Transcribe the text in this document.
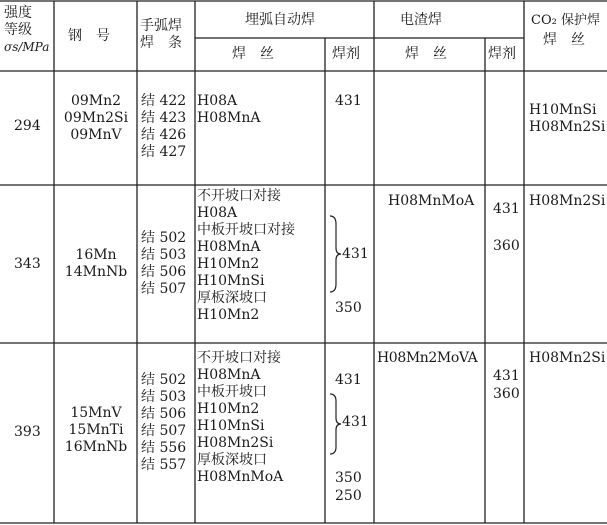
强度
等级
σs/MPa
钢　号
手弧焊
焊　条
埋弧自动焊
焊　丝	焊剂
电渣焊
焊　丝	焊剂
CO₂ 保护焊
焊　丝
294
09Mn2
09Mn2Si
09MnV
结 422
结 423
结 426
结 427
H08A
H08MnA
431
H10MnSi
H08Mn2Si
343
16Mn
14MnNb
结 502
结 503
结 506
结 507
不开坡口对接
H08A
中板开坡口对接
H08MnA
H10Mn2
H10MnSi
厚板深坡口
H10Mn2
431
350
H08MnMoA 431
360
H08Mn2Si
393
15MnV
15MnTi
16MnNb
结 502
结 503
结 506
结 507
结 556
结 557
不开坡口对接
H08MnA
中板开坡口
H10Mn2
H10MnSi
H08Mn2Si
厚板深坡口
H08MnMoA
431
431
350
250
H08Mn2MoVA
431
360
H08Mn2Si
